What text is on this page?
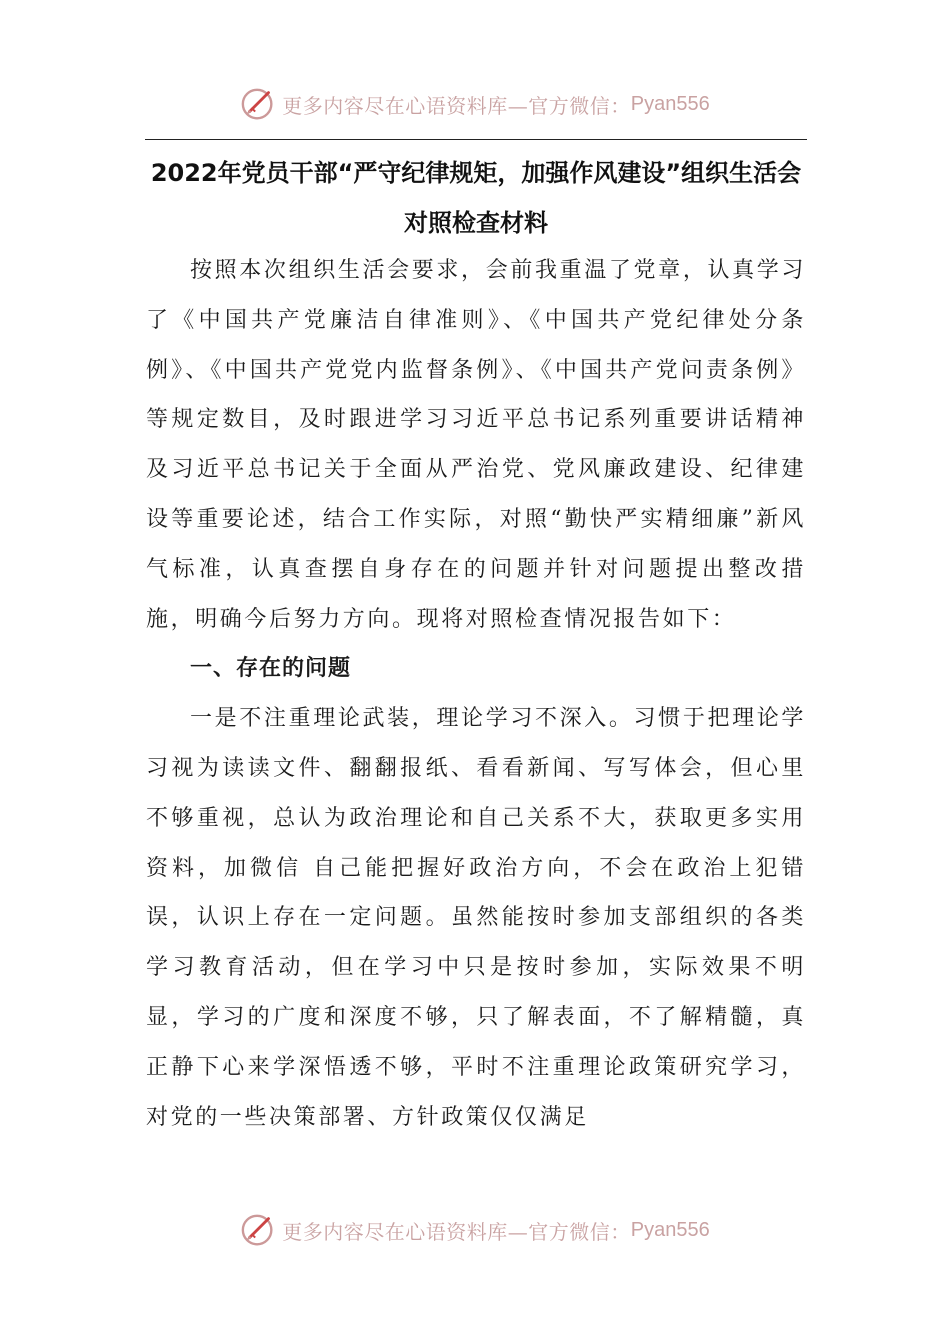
更多内容尽在心语资料库—官方微信： Pyan556
2022年党员干部“严守纪律规矩，加强作风建设”组织生活会对照检查材料

按照本次组织生活会要求，会前我重温了党章，认真学习了《中国共产党廉洁自律准则》、《中国共产党纪律处分条例》、《中国共产党党内监督条例》、《中国共产党问责条例》等规定数目，及时跟进学习习近平总书记系列重要讲话精神及习近平总书记关于全面从严治党、党风廉政建设、纪律建设等重要论述，结合工作实际，对照“勤快严实精细廉”新风气标准，认真查摆自身存在的问题并针对问题提出整改措施，明确今后努力方向。现将对照检查情况报告如下：

一、存在的问题

一是不注重理论武装，理论学习不深入。习惯于把理论学习视为读读文件、翻翻报纸、看看新闻、写写体会，但心里不够重视，总认为政治理论和自己关系不大，获取更多实用资料，加微信 自己能把握好政治方向，不会在政治上犯错误，认识上存在一定问题。虽然能按时参加支部组织的各类学习教育活动，但在学习中只是按时参加，实际效果不明显，学习的广度和深度不够，只了解表面，不了解精髓，真正静下心来学深悟透不够，平时不注重理论政策研究学习，对党的一些决策部署、方针政策仅仅满足

更多内容尽在心语资料库—官方微信： Pyan556
